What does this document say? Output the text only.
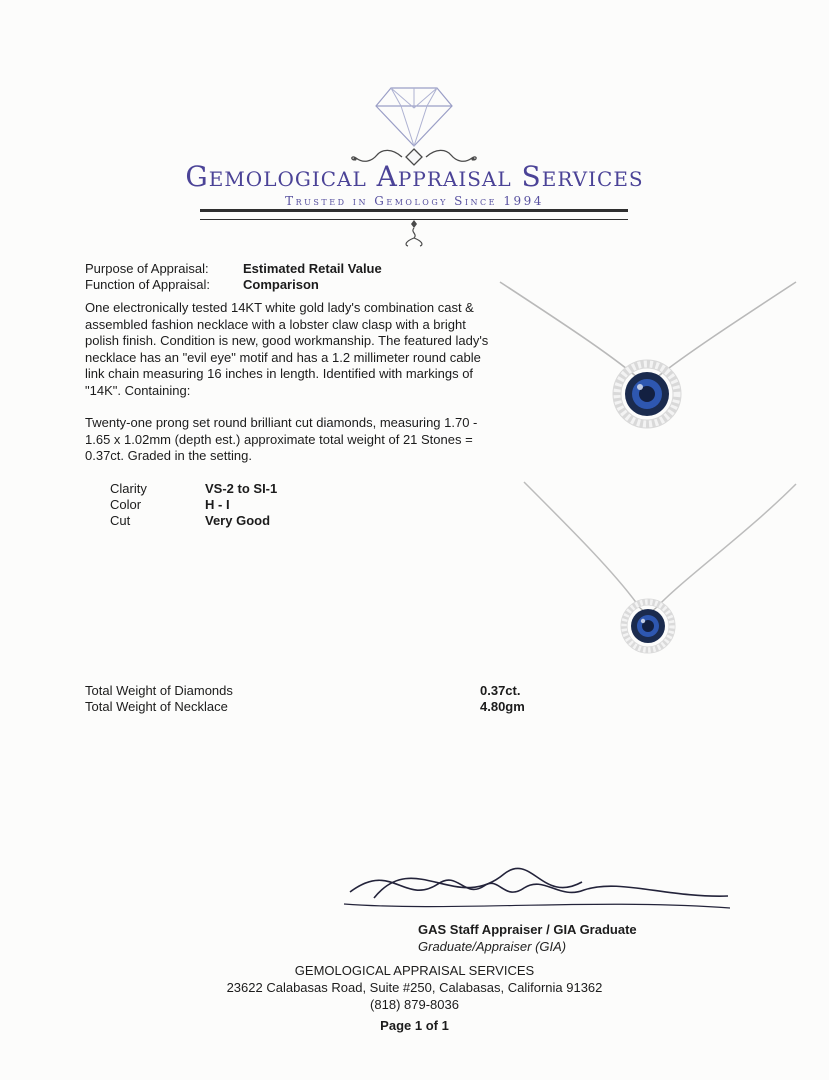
Gemological Appraisal Services
Trusted in Gemology Since 1994
Purpose of Appraisal:	Estimated Retail Value
Function of Appraisal:	Comparison
One electronically tested 14KT white gold lady's combination cast & assembled fashion necklace with a lobster claw clasp with a bright polish finish. Condition is new, good workmanship. The featured lady's necklace has an "evil eye" motif and has a 1.2 millimeter round cable link chain measuring 16 inches in length. Identified with markings of "14K". Containing:
Twenty-one prong set round brilliant cut diamonds, measuring 1.70 - 1.65 x 1.02mm (depth est.) approximate total weight of 21 Stones = 0.37ct. Graded in the setting.
Clarity	VS-2 to SI-1
Color	H - I
Cut	Very Good
Total Weight of Diamonds	0.37ct.
Total Weight of Necklace	4.80gm
GAS Staff Appraiser / GIA Graduate
Graduate/Appraiser (GIA)
GEMOLOGICAL APPRAISAL SERVICES
23622 Calabasas Road, Suite #250, Calabasas, California 91362
(818) 879-8036
Page 1 of 1
